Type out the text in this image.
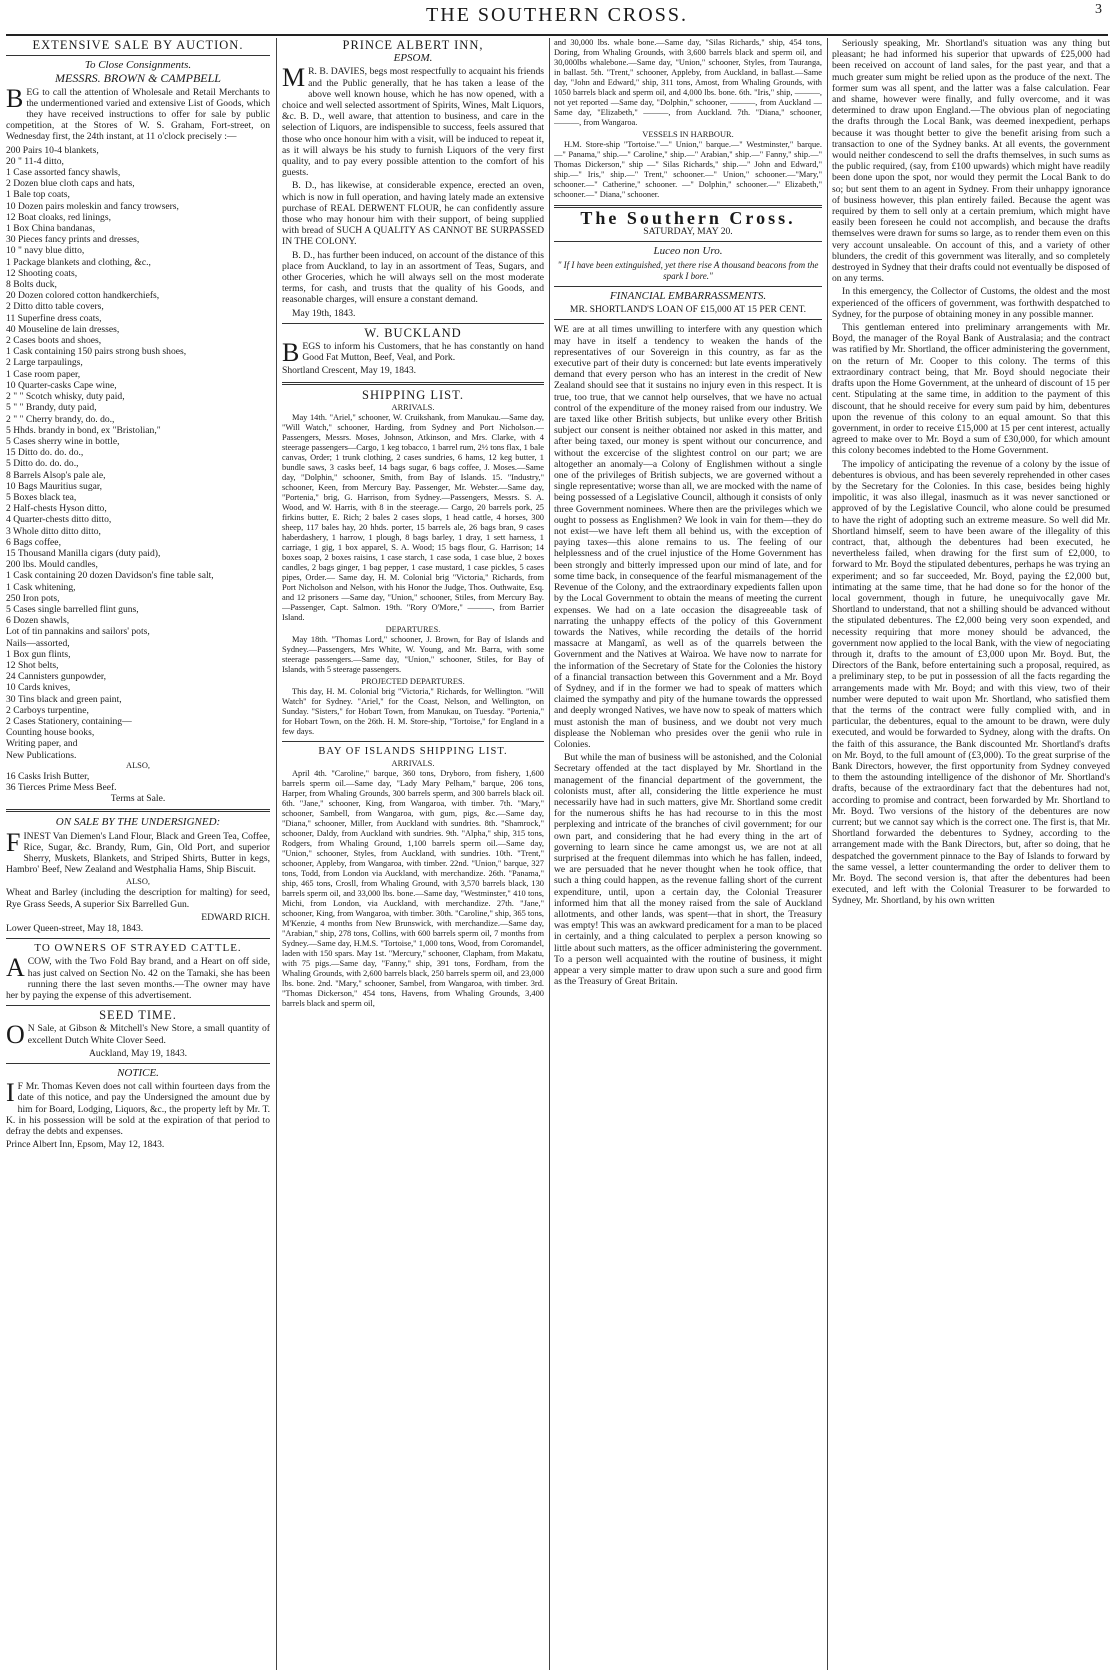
THE SOUTHERN CROSS.	3
EXTENSIVE SALE BY AUCTION.
To Close Consignments.
MESSRS. BROWN & CAMPBELL

BEG to call the attention of Wholesale and Retail Merchants to the undermentioned varied and extensive List of Goods, which they have received instructions to offer for sale by public competition, at the Stores of W. S. Graham, Fort-street, on Wednesday first, the 24th instant, at 11 o'clock precisely :—

200 Pairs 10-4 blankets,
20 " 11-4 ditto,
1 Case assorted fancy shawls,
2 Dozen blue cloth caps and hats,
1 Bale top coats,
10 Dozen pairs moleskin and fancy trowsers,
12 Boat cloaks, red linings,
1 Box China bandanas,
30 Pieces fancy prints and dresses,
10 " navy blue ditto,
1 Package blankets and clothing, &c.,
12 Shooting coats,
8 Bolts duck,
20 Dozen colored cotton handkerchiefs,
2 Ditto ditto table covers,
11 Superfine dress coats,
40 Mouseline de lain dresses,
2 Cases boots and shoes,
1 Cask containing 150 pairs strong bush shoes,
2 Large tarpaulings,
1 Case room paper,
10 Quarter-casks Cape wine,
2 " " Scotch whisky, duty paid,
5 " " Brandy, duty paid,
2 " " Cherry brandy, do. do.,
5 Hhds. brandy in bond, ex "Bristolian,"
5 Cases sherry wine in bottle,
15 Ditto do. do. do.,
5 Ditto do. do. do.,
8 Barrels Alsop's pale ale,
10 Bags Mauritius sugar,
5 Boxes black tea,
2 Half-chests Hyson ditto,
4 Quarter-chests ditto ditto,
3 Whole ditto ditto ditto,
6 Bags coffee,
15 Thousand Manilla cigars (duty paid),
200 lbs. Mould candles,
1 Cask containing 20 dozen Davidson's fine table salt,
1 Cask whitening,
250 Iron pots,
5 Cases single barrelled flint guns,
6 Dozen shawls,
Lot of tin pannakins and sailors' pots,
Nails—assorted,
1 Box gun flints,
12 Shot belts,
24 Cannisters gunpowder,
10 Cards knives,
30 Tins black and green paint,
2 Carboys turpentine,
2 Cases Stationery, containing—
Counting house books,
Writing paper, and
New Publications.
ALSO,
16 Casks Irish Butter,
36 Tierces Prime Mess Beef.
Terms at Sale.
ON SALE BY THE UNDERSIGNED:

FINEST Van Diemen's Land Flour, Black and Green Tea, Coffee, Rice, Sugar, &c. Brandy, Rum, Gin, Old Port, and superior Sherry, Muskets, Blankets, and Striped Shirts, Butter in kegs, Hambro' Beef, New Zealand and Westphalia Hams, Ship Biscuit.

ALSO,

Wheat and Barley (including the description for malting) for seed, Rye Grass Seeds, A superior Six Barrelled Gun.

EDWARD RICH.
Lower Queen-street, May 18, 1843.
TO OWNERS OF STRAYED CATTLE.

ACOW, with the Two Fold Bay brand, and a Heart on off side, has just calved on Section No. 42 on the Tamaki, she has been running there the last seven months.—The owner may have her by paying the expense of this advertisement.

SEED TIME.

O N Sale, at Gibson & Mitchell's New Store, a small quantity of excellent Dutch White Clover Seed.

Auckland, May 19, 1843.
NOTICE.

I F Mr. Thomas Keven does not call within fourteen days from the date of this notice, and pay the Undersigned the amount due by him for Board, Lodging, Liquors, &c., the property left by Mr. T. K. in his possession will be sold at the expiration of that period to defray the debts and expenses.

Prince Albert Inn, Epsom, May 12, 1843.
PRINCE ALBERT INN,
EPSOM.

M R. B. DAVIES, begs most respectfully to acquaint his friends and the Public generally, that he has taken a lease of the above well known house, which he has now opened, with a choice and well selected assortment of Spirits, Wines, Malt Liquors, &c. B. D., well aware, that attention to business, and care in the selection of Liquors, are indispensible to success, feels assured that those who once honour him with a visit, will be induced to repeat it, as it will always be his study to furnish Liquors of the very first quality, and to pay every possible attention to the comfort of his guests.

B. D., has likewise, at considerable expence, erected an oven, which is now in full operation, and having lately made an extensive purchase of REAL DERWENT FLOUR, he can confidently assure those who may honour him with their support, of being supplied with bread of SUCH A QUALITY AS CANNOT BE SURPASSED IN THE COLONY.

B. D., has further been induced, on account of the distance of this place from Auckland, to lay in an assortment of Teas, Sugars, and other Groceries, which he will always sell on the most moderate terms, for cash, and trusts that the quality of his Goods, and reasonable charges, will ensure a constant demand.

May 19th, 1843.
W. BUCKLAND

BEGS to inform his Customers, that he has constantly on hand Good Fat Mutton, Beef, Veal, and Pork.

Shortland Crescent, May 19, 1843.
SHIPPING LIST.
ARRIVALS.

May 14th. "Ariel," schooner, W. Cruikshank, from Manukau.—Same day, "Will Watch," schooner, Harding, from Sydney and Port Nicholson.—Passengers, Messrs. Moses, Johnson, Atkinson, and Mrs. Clarke, with 4 steerage passengers—Cargo, 1 keg tobacco, 1 barrel rum, 2½ tons flax, 1 bale canvas, Order; 1 trunk clothing, 2 cases sundries, 6 hams, 12 keg butter, 1 bundle saws, 3 casks beef, 14 bags sugar, 6 bags coffee, J. Moses.—Same day, "Dolphin," schooner, Smith, from Bay of Islands. 15. "Industry," schooner, Keen, from Mercury Bay. Passenger, Mr. Webster.—Same day, "Portenia," brig, G. Harrison, from Sydney.—Passengers, Messrs. S. A. Wood, and W. Harris, with 8 in the steerage.— Cargo, 20 barrels pork, 25 firkins butter, E. Rich; 2 bales 2 cases slops, 1 head cattle, 4 horses, 300 sheep, 117 bales hay, 20 hhds. porter, 15 barrels ale, 26 bags bran, 9 cases haberdashery, 1 harrow, 1 plough, 8 bags barley, 1 dray, 1 sett harness, 1 carriage, 1 gig, 1 box apparel, S. A. Wood; 15 bags flour, G. Harrison; 14 boxes soap, 2 boxes raisins, 1 case starch, 1 case soda, 1 case blue, 2 boxes candles, 2 bags ginger, 1 bag pepper, 1 case mustard, 1 case pickles, 5 cases pipes, Order.— Same day, H. M. Colonial brig "Victoria," Richards, from Port Nicholson and Nelson, with his Honor the Judge, Thos. Outhwaite, Esq. and 12 prisoners —Same day, "Union," schooner, Stiles, from Mercury Bay.—Passenger, Capt. Salmon. 19th. "Rory O'More," ———, from Barrier Island.

DEPARTURES.

May 18th. "Thomas Lord," schooner, J. Brown, for Bay of Islands and Sydney.—Passengers, Mrs White, W. Young, and Mr. Barra, with some steerage passengers.—Same day, "Union," schooner, Stiles, for Bay of Islands, with 5 steerage passengers.

PROJECTED DEPARTURES.

This day, H. M. Colonial brig "Victoria," Richards, for Wellington. "Will Watch" for Sydney. "Ariel," for the Coast, Nelson, and Wellington, on Sunday. "Sisters," for Hobart Town, from Manukau, on Tuesday. "Portenia," for Hobart Town, on the 26th. H. M. Store-ship, "Tortoise," for England in a few days.

BAY OF ISLANDS SHIPPING LIST.
ARRIVALS.

April 4th. "Caroline," barque, 360 tons, Dryboro, from fishery, 1,600 barrels sperm oil.—Same day, "Lady Mary Pelham," barque, 206 tons, Harper, from Whaling Grounds, 300 barrels sperm, and 300 barrels black oil. 6th. "Jane," schooner, King, from Wangaroa, with timber. 7th. "Mary," schooner, Sambell, from Wangaroa, with gum, pigs, &c.—Same day, "Diana," schooner, Miller, from Auckland with sundries. 8th. "Shamrock," schooner, Daldy, from Auckland with sundries. 9th. "Alpha," ship, 315 tons, Rodgers, from Whaling Ground, 1,100 barrels sperm oil.—Same day, "Union," schooner, Styles, from Auckland, with sundries. 10th. "Trent," schooner, Appleby, from Wangaroa, with timber. 22nd. "Union," barque, 327 tons, Todd, from London via Auckland, with merchandize. 26th. "Panama," ship, 465 tons, Crosll, from Whaling Ground, with 3,570 barrels black, 130 barrels sperm oil, and 33,000 lbs. bone.—Same day, "Westminster," 410 tons, Michi, from London, via Auckland, with merchandize. 27th. "Jane," schooner, King, from Wangaroa, with timber. 30th. "Caroline," ship, 365 tons, M'Kenzie, 4 months from New Brunswick, with merchandize.—Same day, "Arabian," ship, 278 tons, Collins, with 600 barrels sperm oil, 7 months from Sydney.—Same day, H.M.S. "Tortoise," 1,000 tons, Wood, from Coromandel, laden with 150 spars. May 1st. "Mercury," schooner, Clapham, from Makatu, with 75 pigs.—Same day, "Fanny," ship, 391 tons, Fordham, from the Whaling Grounds, with 2,600 barrels black, 250 barrels sperm oil, and 23,000 lbs. bone. 2nd. "Mary," schooner, Sambel, from Wangaroa, with timber. 3rd. "Thomas Dickerson," 454 tons, Havens, from Whaling Grounds, 3,400 barrels black and sperm oil,

and 30,000 lbs. whale bone.—Same day, "Silas Richards," ship, 454 tons, Doring, from Whaling Grounds, with 3,600 barrels black and sperm oil, and 30,000lbs whalebone.—Same day, "Union," schooner, Styles, from Tauranga, in ballast. 5th. "Trent," schooner, Appleby, from Auckland, in ballast.—Same day, "John and Edward," ship, 311 tons, Amost, from Whaling Grounds, with 1050 barrels black and sperm oil, and 4,000 lbs. bone. 6th. "Iris," ship, ———, not yet reported —Same day, "Dolphin," schooner, ———, from Auckland —Same day, "Elizabeth," ———, from Auckland. 7th. "Diana," schooner, ———, from Wangaroa.

VESSELS IN HARBOUR.

H.M. Store-ship "Tortoise."—" Union," barque.—" Westminster," barque.—" Panama," ship.—" Caroline," ship.—" Arabian," ship.—" Fanny," ship.—" Thomas Dickerson," ship —" Silas Richards," ship.—" John and Edward," ship.—" Iris," ship.—" Trent," schooner.—" Union," schooner.—"Mary," schooner.—" Catherine," schooner. —" Dolphin," schooner.—" Elizabeth," schooner.—" Diana," schooner.

The Southern Cross.
SATURDAY, MAY 20.
Luceo non Uro.
" If I have been extinguished, yet there rise A thousand beacons from the spark I bore."
FINANCIAL EMBARRASSMENTS.
MR. SHORTLAND'S LOAN OF £15,000 AT 15 PER CENT.

WE are at all times unwilling to interfere with any question which may have in itself a tendency to weaken the hands of the representatives of our Sovereign in this country, as far as the executive part of their duty is concerned: but late events imperatively demand that every person who has an interest in the credit of New Zealand should see that it sustains no injury even in this respect. It is true, too true, that we cannot help ourselves, that we have no actual control of the expenditure of the money raised from our industry. We are taxed like other British subjects, but unlike every other British subject our consent is neither obtained nor asked in this matter, and after being taxed, our money is spent without our concurrence, and without the excercise of the slightest control on our part; we are altogether an anomaly—a Colony of Englishmen without a single one of the privileges of British subjects, we are governed without a single representative; worse than all, we are mocked with the name of being possessed of a Legislative Council, although it consists of only three Government nominees. Where then are the privileges which we ought to possess as Englishmen? We look in vain for them—they do not exist—we have left them all behind us, with the exception of paying taxes—this alone remains to us. The feeling of our helplessness and of the cruel injustice of the Home Government has been strongly and bitterly impressed upon our mind of late, and for some time back, in consequence of the fearful mismanagement of the Revenue of the Colony, and the extraordinary expedients fallen upon by the Local Government to obtain the means of meeting the current expenses. We had on a late occasion the disagreeable task of narrating the unhappy effects of the policy of this Government towards the Natives, while recording the details of the horrid massacre at Mangamî, as well as of the quarrels between the Government and the Natives at Wairoa. We have now to narrate for the information of the Secretary of State for the Colonies the history of a financial transaction between this Government and a Mr. Boyd of Sydney, and if in the former we had to speak of matters which claimed the sympathy and pity of the humane towards the oppressed and deeply wronged Natives, we have now to speak of matters which must astonish the man of business, and we doubt not very much displease the Nobleman who presides over the genii who rule in Colonies.

But while the man of business will be astonished, and the Colonial Secretary offended at the tact displayed by Mr. Shortland in the management of the financial department of the government, the colonists must, after all, considering the little experience he must necessarily have had in such matters, give Mr. Shortland some credit for the numerous shifts he has had recourse to in this the most perplexing and intricate of the branches of civil government; for our own part, and considering that he had every thing in the art of governing to learn since he came amongst us, we are not at all surprised at the frequent dilemmas into which he has fallen, indeed, we are persuaded that he never thought when he took office, that such a thing could happen, as the revenue falling short of the current expenditure, until, upon a certain day, the Colonial Treasurer informed him that all the money raised from the sale of Auckland allotments, and other lands, was spent—that in short, the Treasury was empty! This was an awkward predicament for a man to be placed in certainly, and a thing calculated to perplex a person knowing so little about such matters, as the officer administering the government. To a person well acquainted with the routine of business, it might appear a very simple matter to draw upon such a sure and good firm as the Treasury of Great Britain.

Seriously speaking, Mr. Shortland's situation was any thing but pleasant; he had informed his superior that upwards of £25,000 had been received on account of land sales, for the past year, and that a much greater sum might be relied upon as the produce of the next. The former sum was all spent, and the latter was a false calculation. Fear and shame, however were finally, and fully overcome, and it was determined to draw upon England.—The obvious plan of negociating the drafts through the Local Bank, was deemed inexpedient, perhaps because it was thought better to give the benefit arising from such a transaction to one of the Sydney banks. At all events, the government would neither condescend to sell the drafts themselves, in such sums as the public required, (say, from £100 upwards) which might have readily been done upon the spot, nor would they permit the Local Bank to do so; but sent them to an agent in Sydney. From their unhappy ignorance of business however, this plan entirely failed. Because the agent was required by them to sell only at a certain premium, which might have easily been foreseen he could not accomplish, and because the drafts themselves were drawn for sums so large, as to render them even on this very account unsaleable. On account of this, and a variety of other blunders, the credit of this government was literally, and so completely destroyed in Sydney that their drafts could not eventually be disposed of on any terms.

In this emergency, the Collector of Customs, the oldest and the most experienced of the officers of government, was forthwith despatched to Sydney, for the purpose of obtaining money in any possible manner.

This gentleman entered into preliminary arrangements with Mr. Boyd, the manager of the Royal Bank of Australasia; and the contract was ratified by Mr. Shortland, the officer administering the government, on the return of Mr. Cooper to this colony. The terms of this extraordinary contract being, that Mr. Boyd should negociate their drafts upon the Home Government, at the unheard of discount of 15 per cent. Stipulating at the same time, in addition to the payment of this discount, that he should receive for every sum paid by him, debentures upon the revenue of this colony to an equal amount. So that this government, in order to receive £15,000 at 15 per cent interest, actually agreed to make over to Mr. Boyd a sum of £30,000, for which amount this colony becomes indebted to the Home Government.

The impolicy of anticipating the revenue of a colony by the issue of debentures is obvious, and has been severely reprehended in other cases by the Secretary for the Colonies. In this case, besides being highly impolitic, it was also illegal, inasmuch as it was never sanctioned or approved of by the Legislative Council, who alone could be presumed to have the right of adopting such an extreme measure. So well did Mr. Shortland himself, seem to have been aware of the illegality of this contract, that, although the debentures had been executed, he nevertheless failed, when drawing for the first sum of £2,000, to forward to Mr. Boyd the stipulated debentures, perhaps he was trying an experiment; and so far succeeded, Mr. Boyd, paying the £2,000 but, intimating at the same time, that he had done so for the honor of the local government, though in future, he unequivocally gave Mr. Shortland to understand, that not a shilling should be advanced without the stipulated debentures. The £2,000 being very soon expended, and necessity requiring that more money should be advanced, the government now applied to the local Bank, with the view of negociating through it, drafts to the amount of £3,000 upon Mr. Boyd. But, the Directors of the Bank, before entertaining such a proposal, required, as a preliminary step, to be put in possession of all the facts regarding the arrangements made with Mr. Boyd; and with this view, two of their number were deputed to wait upon Mr. Shortland, who satisfied them that the terms of the contract were fully complied with, and in particular, the debentures, equal to the amount to be drawn, were duly executed, and would be forwarded to Sydney, along with the drafts. On the faith of this assurance, the Bank discounted Mr. Shortland's drafts on Mr. Boyd, to the full amount of (£3,000). To the great surprise of the Bank Directors, however, the first opportunity from Sydney conveyed to them the astounding intelligence of the dishonor of Mr. Shortland's drafts, because of the extraordinary fact that the debentures had not, according to promise and contract, been forwarded by Mr. Shortland to Mr. Boyd. Two versions of the history of the debentures are now current; but we cannot say which is the correct one. The first is, that Mr. Shortland forwarded the debentures to Sydney, according to the arrangement made with the Bank Directors, but, after so doing, that he despatched the government pinnace to the Bay of Islands to forward by the same vessel, a letter countermanding the order to deliver them to Mr. Boyd. The second version is, that after the debentures had been executed, and left with the Colonial Treasurer to be forwarded to Sydney, Mr. Shortland, by his own written
